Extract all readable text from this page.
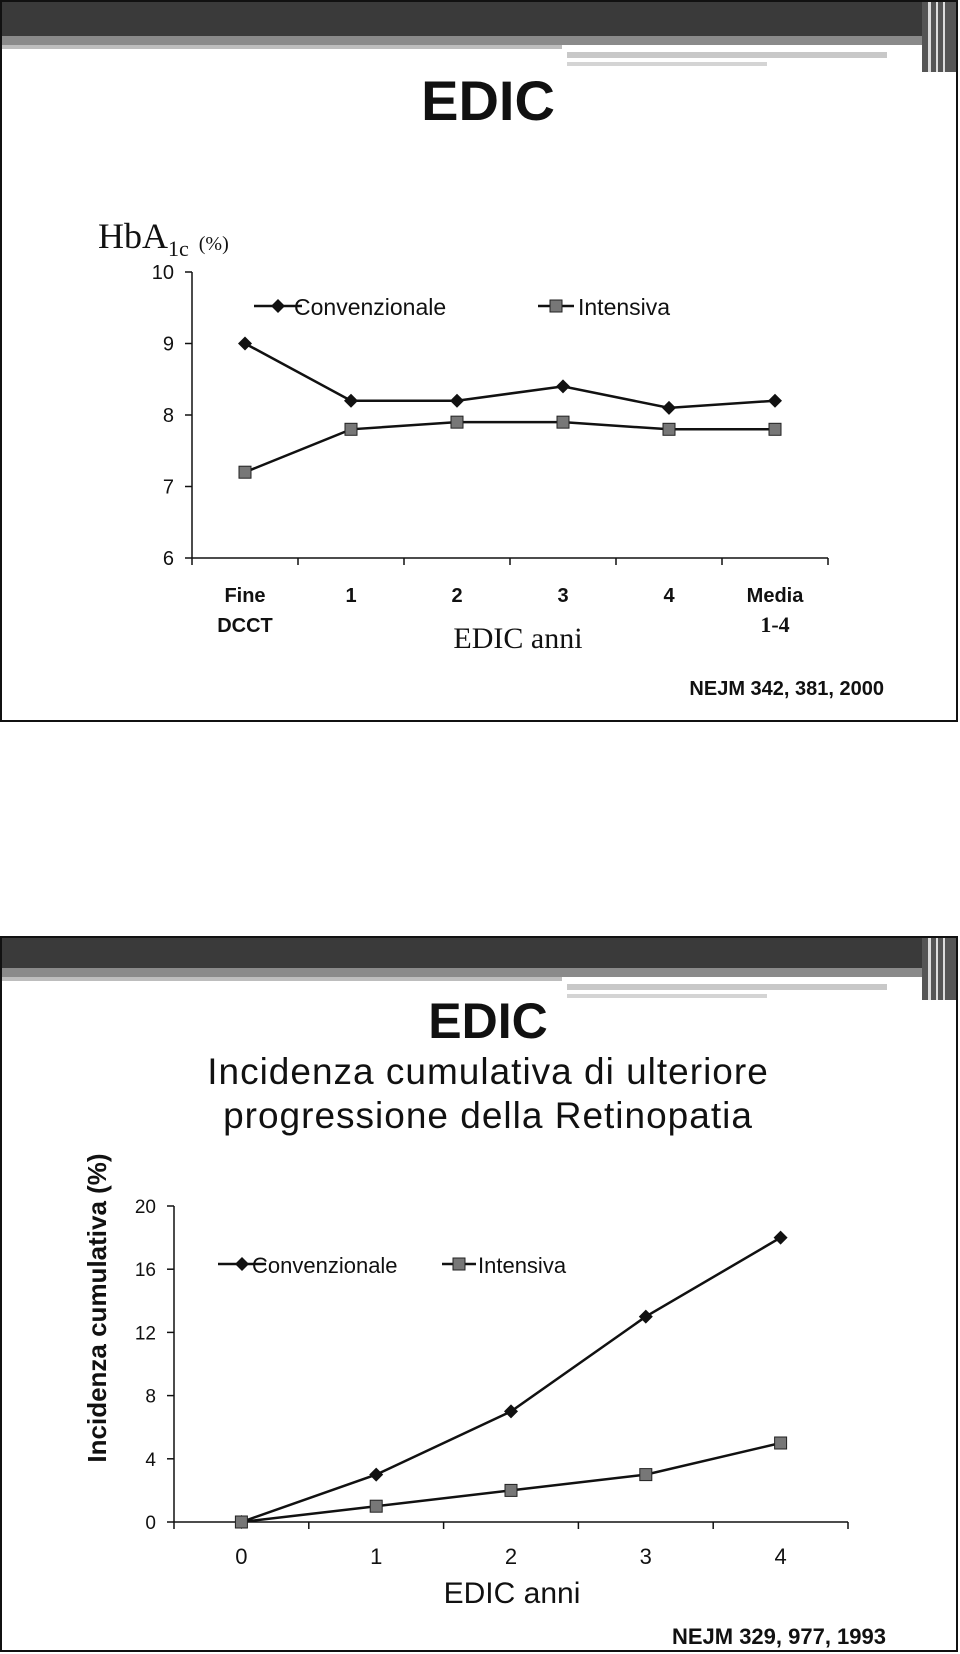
EDIC
HbA1c (%)
6
7
8
9
10
Fine
DCCT
1	2	3	4	Media
1-4
Convenzionale	Intensiva
EDIC anni
NEJM 342, 381, 2000
EDIC
Incidenza cumulativa di ulteriore
progressione della Retinopatia
Incidenza cumulativa (%)
0
4
8
12
16
20
0	1	2	3	4
Convenzionale	Intensiva
EDIC anni
NEJM 329, 977, 1993
